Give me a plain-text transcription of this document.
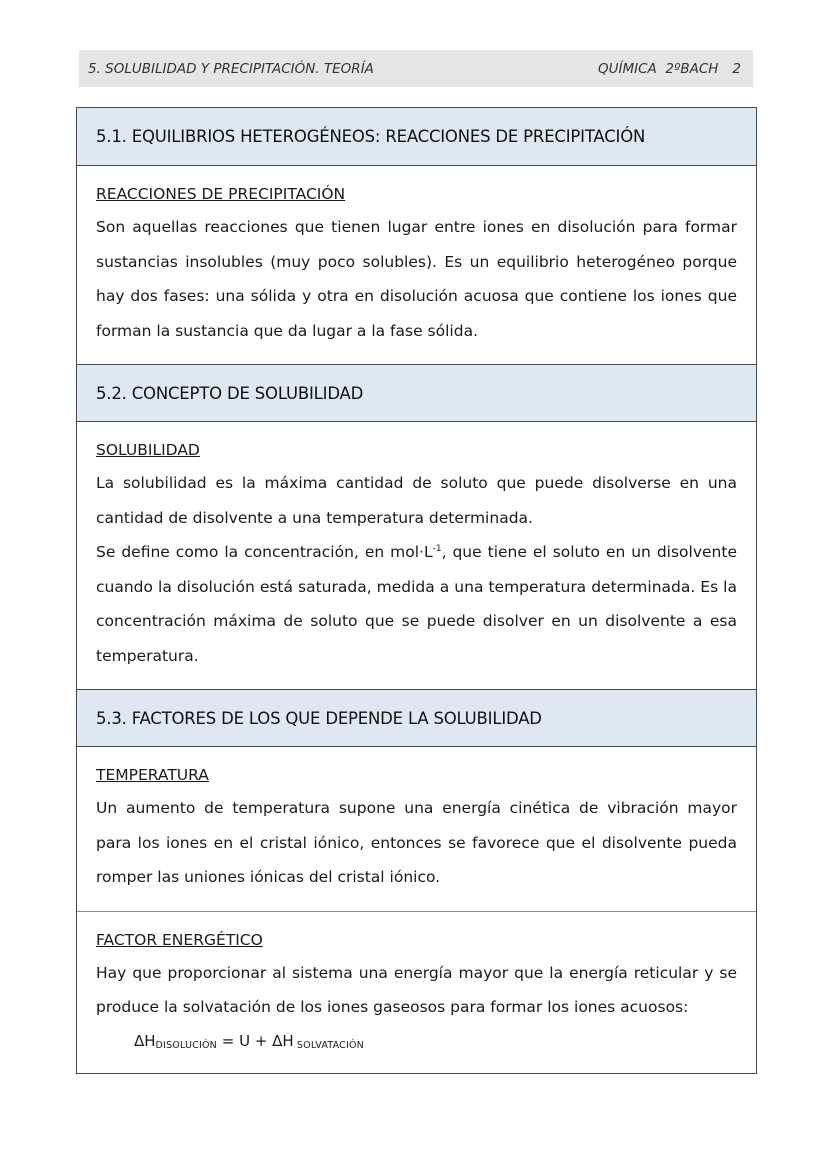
5. SOLUBILIDAD Y PRECIPITACIÓN. TEORÍA	QUÍMICA  2ºBACH 2
5.1. EQUILIBRIOS HETEROGÉNEOS: REACCIONES DE PRECIPITACIÓN
REACCIONES DE PRECIPITACIÓN

Son aquellas reacciones que tienen lugar entre iones en disolución para formar sustancias insolubles (muy poco solubles). Es un equilibrio heterogéneo porque hay dos fases: una sólida y otra en disolución acuosa que contiene los iones que forman la sustancia que da lugar a la fase sólida.

5.2. CONCEPTO DE SOLUBILIDAD
SOLUBILIDAD

La solubilidad es la máxima cantidad de soluto que puede disolverse en una cantidad de disolvente a una temperatura determinada.

Se define como la concentración, en $mol\cdot L^{-1}$, que tiene el soluto en un disolvente cuando la disolución está saturada, medida a una temperatura determinada. Es la concentración máxima de soluto que se puede disolver en un disolvente a esa temperatura.

5.3. FACTORES DE LOS QUE DEPENDE LA SOLUBILIDAD
TEMPERATURA

Un aumento de temperatura supone una energía cinética de vibración mayor para los iones en el cristal iónico, entonces se favorece que el disolvente pueda romper las uniones iónicas del cristal iónico.

FACTOR ENERGÉTICO

Hay que proporcionar al sistema una energía mayor que la energía reticular y se produce la solvatación de los iones gaseosos para formar los iones acuosos:

$\Delta H_{DISOLUCIÓN} = U + \Delta H$ $_{SOLVATACIÓN}$
